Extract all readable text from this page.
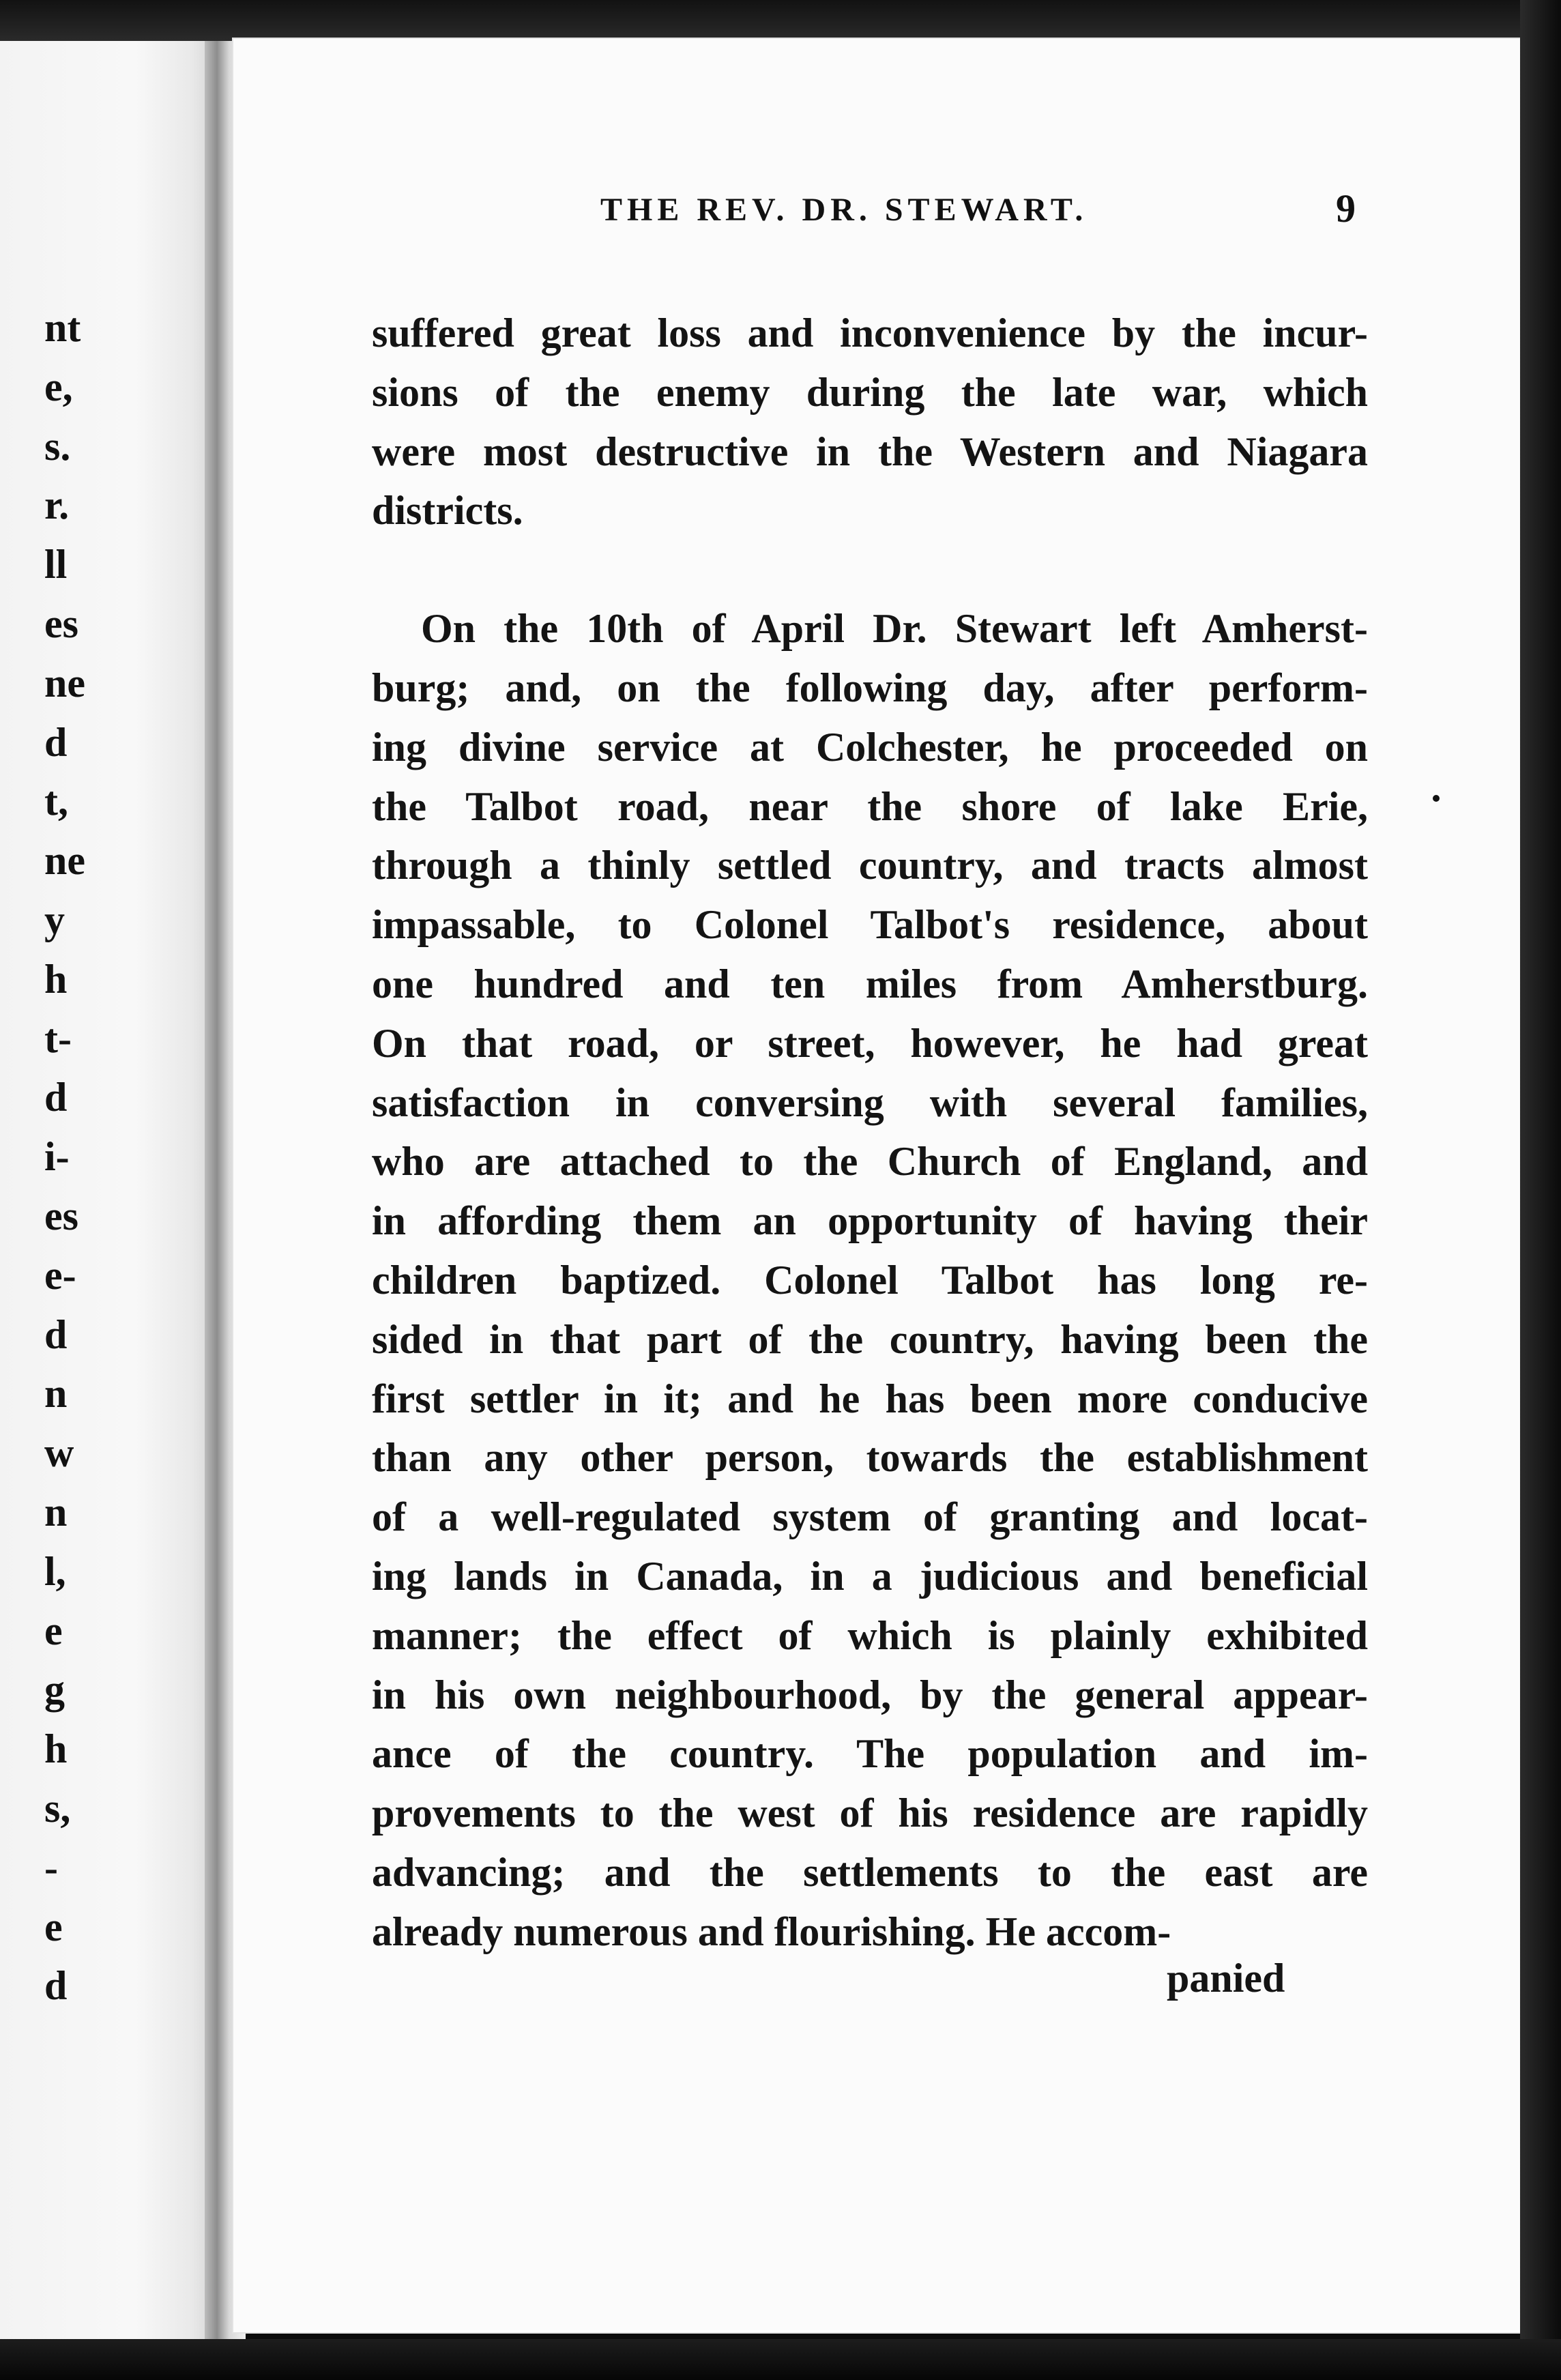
nt
e,
s.
r.
ll
es
ne
d
t,
ne
y
h
t-
d
i-
es
e-
d
n
w
n
l,
e
g
h
s,
-
e
d
THE REV. DR. STEWART.	9
suffered great loss and inconvenience by the incur-
sions of the enemy during the late war, which
were most destructive in the Western and Niagara
districts.
On the 10th of April Dr. Stewart left Amherst-
burg; and, on the following day, after perform-
ing divine service at Colchester, he proceeded on
the Talbot road, near the shore of lake Erie,
through a thinly settled country, and tracts almost
impassable, to Colonel Talbot's residence, about
one hundred and ten miles from Amherstburg.
On that road, or street, however, he had great
satisfaction in conversing with several families,
who are attached to the Church of England, and
in affording them an opportunity of having their
children baptized. Colonel Talbot has long re-
sided in that part of the country, having been the
first settler in it; and he has been more conducive
than any other person, towards the establishment
of a well-regulated system of granting and locat-
ing lands in Canada, in a judicious and beneficial
manner; the effect of which is plainly exhibited
in his own neighbourhood, by the general appear-
ance of the country. The population and im-
provements to the west of his residence are rapidly
advancing; and the settlements to the east are
already numerous and flourishing. He accom-
panied
